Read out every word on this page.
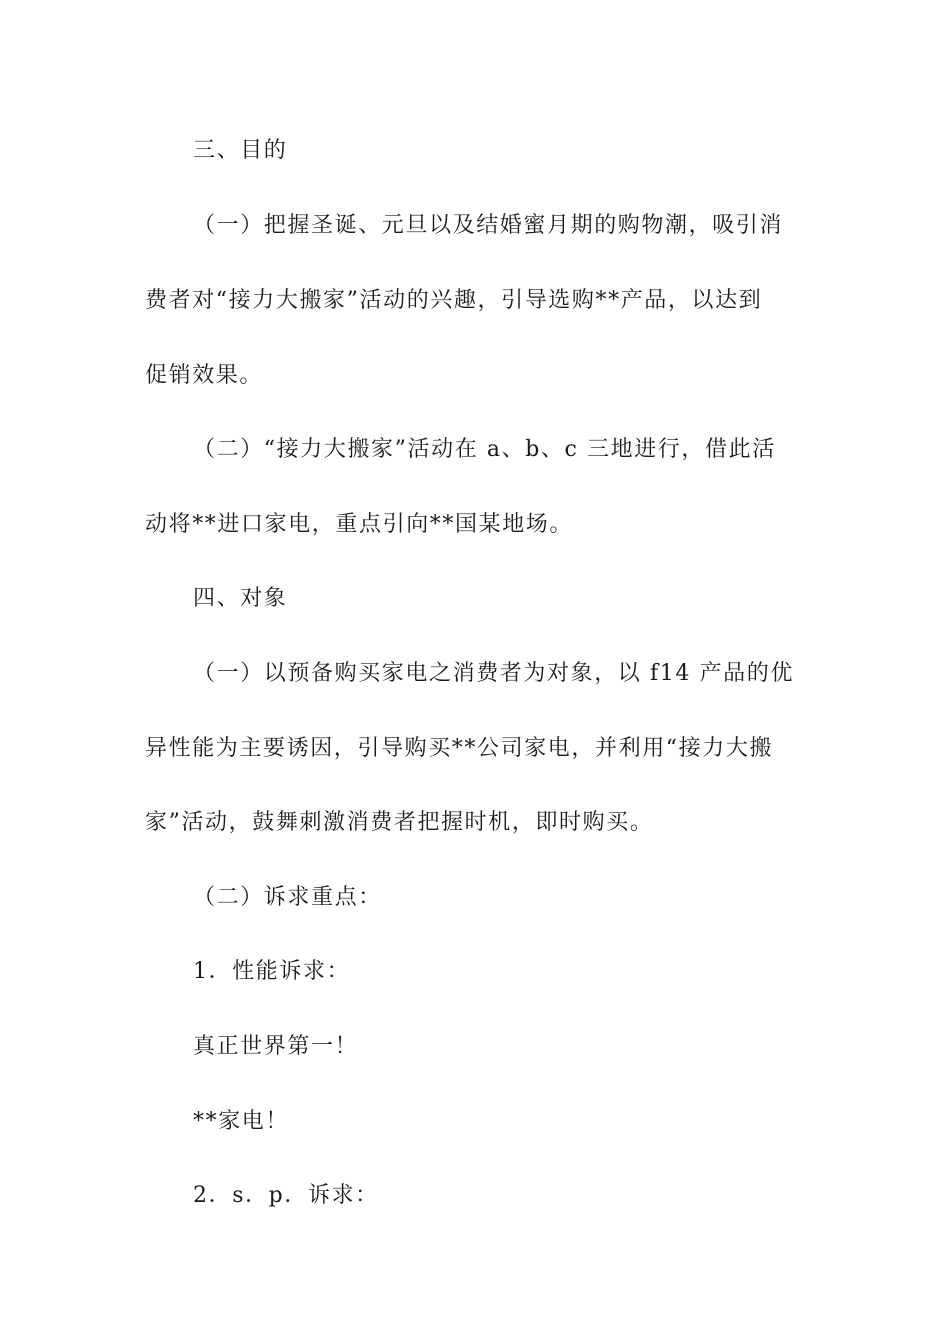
三、目的

（一）把握圣诞、元旦以及结婚蜜月期的购物潮，吸引消

费者对“接力大搬家”活动的兴趣，引导选购**产品，以达到

促销效果。

（二）“接力大搬家”活动在 a、b、c 三地进行，借此活

动将**进口家电，重点引向**国某地场。

四、对象

（一）以预备购买家电之消费者为对象，以 f14 产品的优

异性能为主要诱因，引导购买**公司家电，并利用“接力大搬

家”活动，鼓舞刺激消费者把握时机，即时购买。

（二）诉求重点：

1．性能诉求：

真正世界第一！

**家电！

2．s．p．诉求：
